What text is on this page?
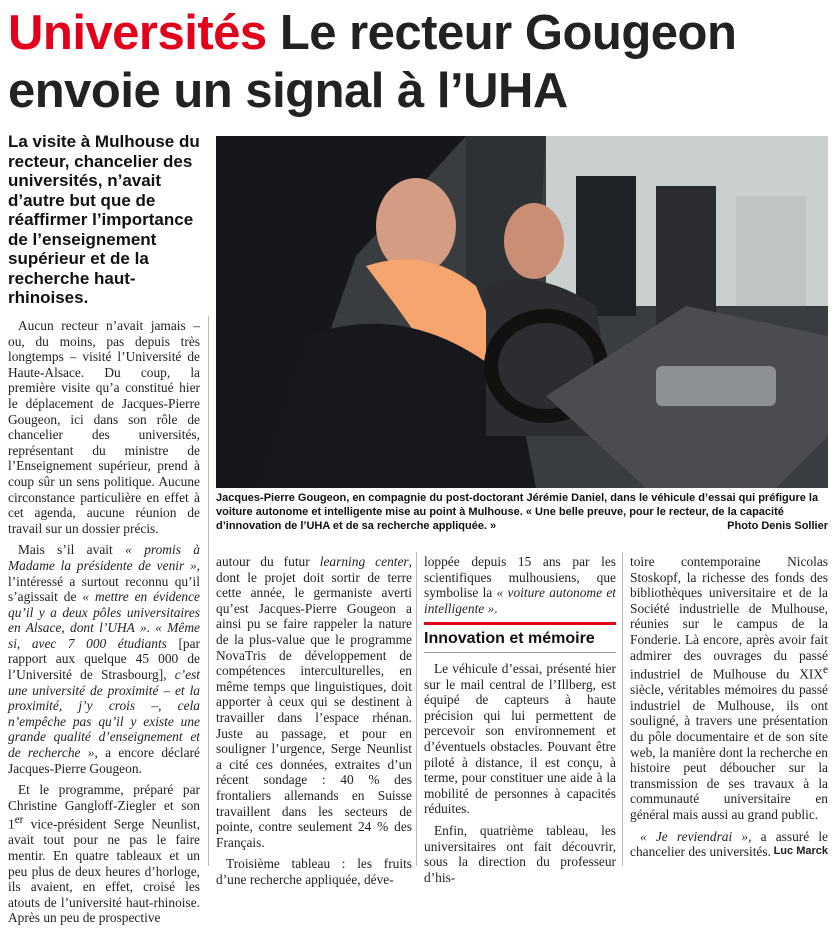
Universités Le recteur Gougeon envoie un signal à l’UHA
La visite à Mulhouse du recteur, chancelier des universités, n’avait d’autre but que de réaffirmer l’importance de l’enseignement supérieur et de la recherche haut-rhinoises.
Jacques-Pierre Gougeon, en compagnie du post-doctorant Jérémie Daniel, dans le véhicule d’essai qui préfigure la voiture autonome et intelligente mise au point à Mulhouse. « Une belle preuve, pour le recteur, de la capacité d’innovation de l’UHA et de sa recherche appliquée. »	Photo Denis Sollier

Aucun recteur n’avait jamais – ou, du moins, pas depuis très longtemps – visité l’Université de Haute-Alsace. Du coup, la première visite qu’a constitué hier le déplacement de Jacques-Pierre Gougeon, ici dans son rôle de chancelier des universités, représentant du ministre de l’Enseignement supérieur, prend à coup sûr un sens politique. Aucune circonstance particulière en effet à cet agenda, aucune réunion de travail sur un dossier précis.

Mais s’il avait « promis à Madame la présidente de venir », l’intéressé a surtout reconnu qu’il s’agissait de « mettre en évidence qu’il y a deux pôles universitaires en Alsace, dont l’UHA ». « Même si, avec 7 000 étudiants [par rapport aux quelque 45 000 de l’Université de Strasbourg], c’est une université de proximité – et la proximité, j’y crois –, cela n’empêche pas qu’il y existe une grande qualité d’enseignement et de recherche », a encore déclaré Jacques-Pierre Gougeon.

Et le programme, préparé par Christine Gangloff-Ziegler et son 1er vice-président Serge Neunlist, avait tout pour ne pas le faire mentir. En quatre tableaux et un peu plus de deux heures d’horloge, ils avaient, en effet, croisé les atouts de l’université haut-rhinoise. Après un peu de prospective

autour du futur learning center, dont le projet doit sortir de terre cette année, le germaniste averti qu’est Jacques-Pierre Gougeon a ainsi pu se faire rappeler la nature de la plus-value que le programme NovaTris de développement de compétences interculturelles, en même temps que linguistiques, doit apporter à ceux qui se destinent à travailler dans l’espace rhénan. Juste au passage, et pour en souligner l’urgence, Serge Neunlist a cité ces données, extraites d’un récent sondage : 40 % des frontaliers allemands en Suisse travaillent dans les secteurs de pointe, contre seulement 24 % des Français.

Troisième tableau : les fruits d’une recherche appliquée, déve-

loppée depuis 15 ans par les scientifiques mulhousiens, que symbolise la « voiture autonome et intelligente ».

Innovation et mémoire

Le véhicule d’essai, présenté hier sur le mail central de l’Illberg, est équipé de capteurs à haute précision qui lui permettent de percevoir son environnement et d’éventuels obstacles. Pouvant être piloté à distance, il est conçu, à terme, pour constituer une aide à la mobilité de personnes à capacités réduites.

Enfin, quatrième tableau, les universitaires ont fait découvrir, sous la direction du professeur d’his-

toire contemporaine Nicolas Stoskopf, la richesse des fonds des bibliothèques universitaire et de la Société industrielle de Mulhouse, réunies sur le campus de la Fonderie. Là encore, après avoir fait admirer des ouvrages du passé industriel de Mulhouse du XIXe siècle, véritables mémoires du passé industriel de Mulhouse, ils ont souligné, à travers une présentation du pôle documentaire et de son site web, la manière dont la recherche en histoire peut déboucher sur la transmission de ses travaux à la communauté universitaire en général mais aussi au grand public.

« Je reviendrai », a assuré le chancelier des universités. Luc Marck
